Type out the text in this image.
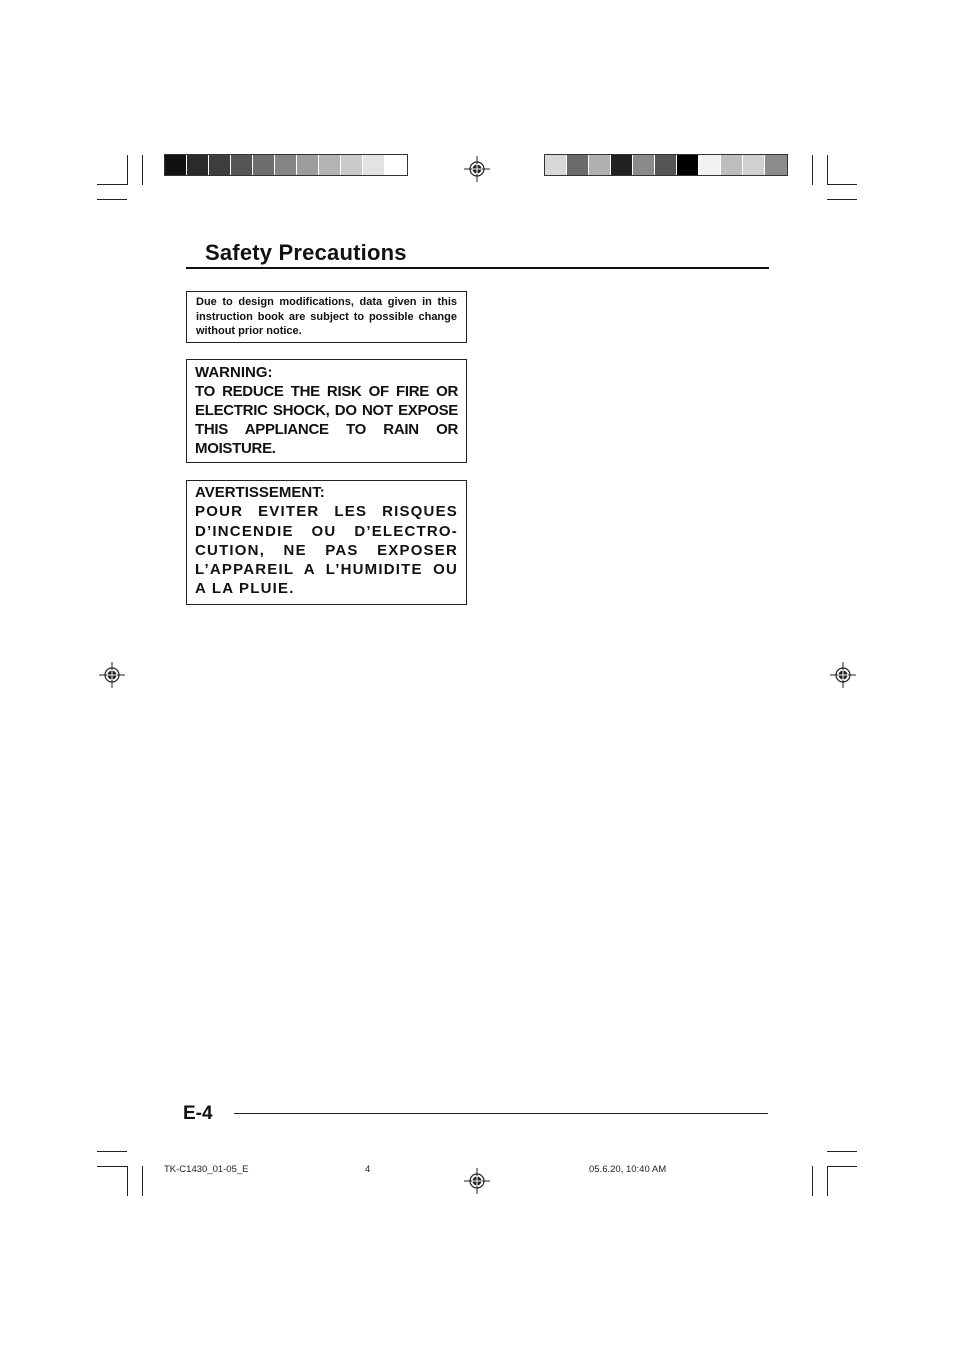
Safety Precautions
Due to design modifications, data given in this instruction book are subject to possible change without prior notice.
WARNING:
TO REDUCE THE RISK OF FIRE OR ELECTRIC SHOCK, DO NOT EXPOSE THIS APPLIANCE TO RAIN OR MOISTURE.
AVERTISSEMENT:
POUR EVITER LES RISQUES D’INCENDIE OU D’ELECTRO-CUTION, NE PAS EXPOSER L’APPAREIL A L’HUMIDITE OU A LA PLUIE.
E-4
TK-C1430_01-05_E	4	05.6.20, 10:40 AM
